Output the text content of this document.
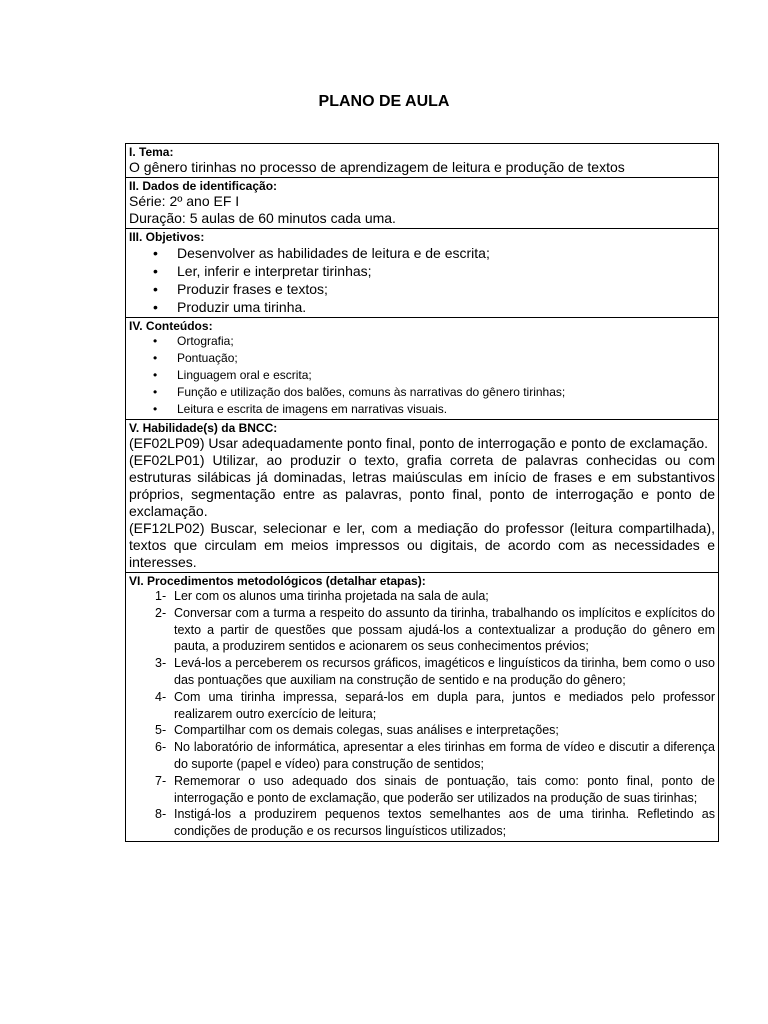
PLANO DE AULA
I. Tema:
O gênero tirinhas no processo de aprendizagem de leitura e produção de textos

II. Dados de identificação:
Série: 2º ano EF I
Duração: 5 aulas de 60 minutos cada uma.

III. Objetivos:
• Desenvolver as habilidades de leitura e de escrita;
• Ler, inferir e interpretar tirinhas;
• Produzir frases e textos;
• Produzir uma tirinha.

IV. Conteúdos:
• Ortografia;
• Pontuação;
• Linguagem oral e escrita;
• Função e utilização dos balões, comuns às narrativas do gênero tirinhas;
• Leitura e escrita de imagens em narrativas visuais.

V. Habilidade(s) da BNCC:
(EF02LP09) Usar adequadamente ponto final, ponto de interrogação e ponto de exclamação.
(EF02LP01) Utilizar, ao produzir o texto, grafia correta de palavras conhecidas ou com estruturas silábicas já dominadas, letras maiúsculas em início de frases e em substantivos próprios, segmentação entre as palavras, ponto final, ponto de interrogação e ponto de exclamação.
(EF12LP02) Buscar, selecionar e ler, com a mediação do professor (leitura compartilhada), textos que circulam em meios impressos ou digitais, de acordo com as necessidades e interesses.

VI. Procedimentos metodológicos (detalhar etapas):
1- Ler com os alunos uma tirinha projetada na sala de aula;
2- Conversar com a turma a respeito do assunto da tirinha, trabalhando os implícitos e explícitos do texto a partir de questões que possam ajudá-los a contextualizar a produção do gênero em pauta, a produzirem sentidos e acionarem os seus conhecimentos prévios;
3- Levá-los a perceberem os recursos gráficos, imagéticos e linguísticos da tirinha, bem como o uso das pontuações que auxiliam na construção de sentido e na produção do gênero;
4- Com uma tirinha impressa, separá-los em dupla para, juntos e mediados pelo professor realizarem outro exercício de leitura;
5- Compartilhar com os demais colegas, suas análises e interpretações;
6- No laboratório de informática, apresentar a eles tirinhas em forma de vídeo e discutir a diferença do suporte (papel e vídeo) para construção de sentidos;
7- Rememorar o uso adequado dos sinais de pontuação, tais como: ponto final, ponto de interrogação e ponto de exclamação, que poderão ser utilizados na produção de suas tirinhas;
8- Instigá-los a produzirem pequenos textos semelhantes aos de uma tirinha. Refletindo as condições de produção e os recursos linguísticos utilizados;
